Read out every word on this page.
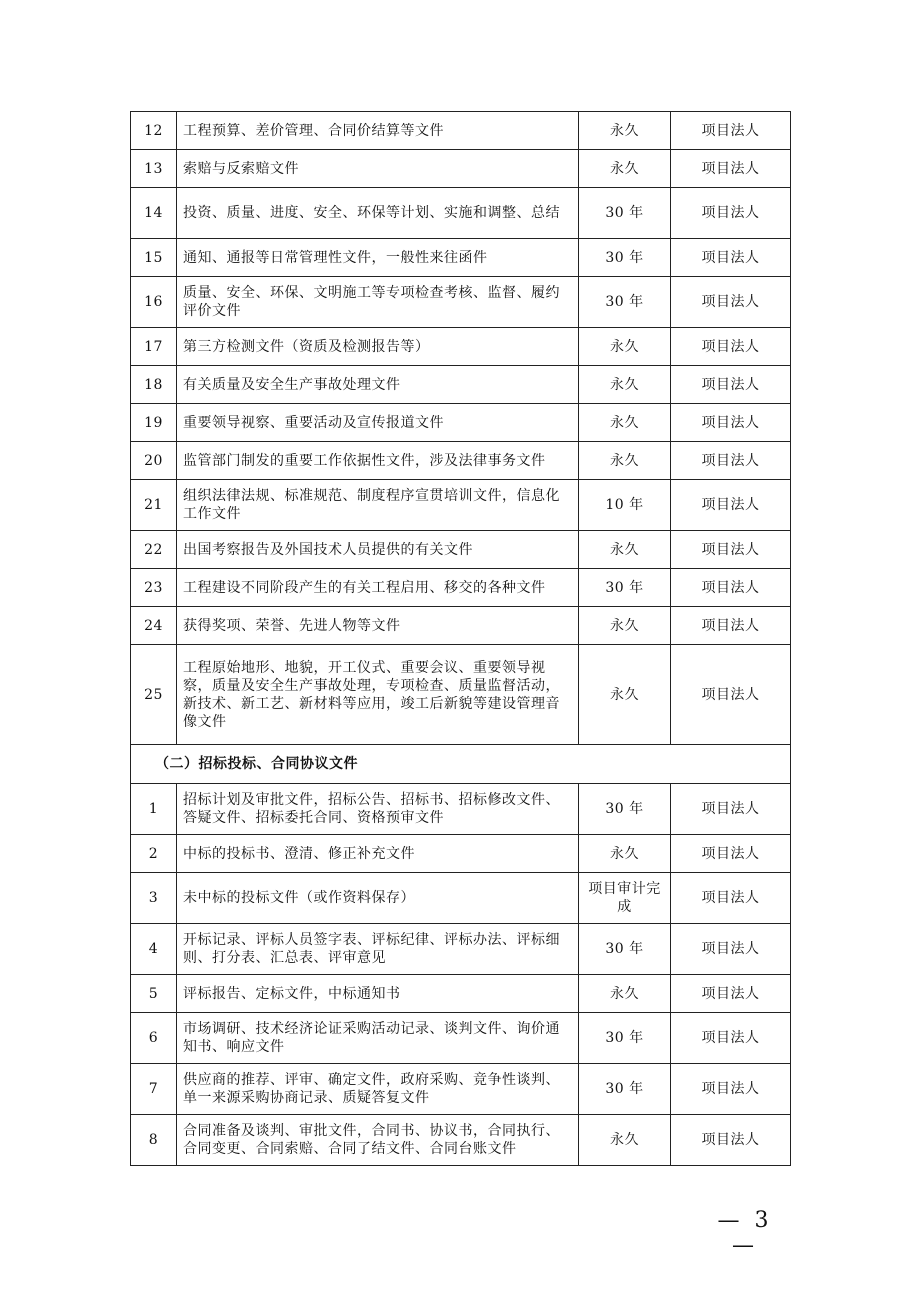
12	工程预算、差价管理、合同价结算等文件	永久	项目法人
13	索赔与反索赔文件	永久	项目法人
14	投资、质量、进度、安全、环保等计划、实施和调整、总结	30 年	项目法人
15	通知、通报等日常管理性文件，一般性来往函件	30 年	项目法人
16	质量、安全、环保、文明施工等专项检查考核、监督、履约评价文件	30 年	项目法人
17	第三方检测文件（资质及检测报告等）	永久	项目法人
18	有关质量及安全生产事故处理文件	永久	项目法人
19	重要领导视察、重要活动及宣传报道文件	永久	项目法人
20	监管部门制发的重要工作依据性文件，涉及法律事务文件	永久	项目法人
21	组织法律法规、标准规范、制度程序宣贯培训文件，信息化工作文件	10 年	项目法人
22	出国考察报告及外国技术人员提供的有关文件	永久	项目法人
23	工程建设不同阶段产生的有关工程启用、移交的各种文件	30 年	项目法人
24	获得奖项、荣誉、先进人物等文件	永久	项目法人
25	工程原始地形、地貌，开工仪式、重要会议、重要领导视察，质量及安全生产事故处理，专项检查、质量监督活动，新技术、新工艺、新材料等应用，竣工后新貌等建设管理音像文件	永久	项目法人
（二）招标投标、合同协议文件			
1	招标计划及审批文件，招标公告、招标书、招标修改文件、答疑文件、招标委托合同、资格预审文件	30 年	项目法人
2	中标的投标书、澄清、修正补充文件	永久	项目法人
3	未中标的投标文件（或作资料保存）	项目审计完成	项目法人
4	开标记录、评标人员签字表、评标纪律、评标办法、评标细则、打分表、汇总表、评审意见	30 年	项目法人
5	评标报告、定标文件，中标通知书	永久	项目法人
6	市场调研、技术经济论证采购活动记录、谈判文件、询价通知书、响应文件	30 年	项目法人
7	供应商的推荐、评审、确定文件，政府采购、竞争性谈判、单一来源采购协商记录、质疑答复文件	30 年	项目法人
8	合同准备及谈判、审批文件，合同书、协议书，合同执行、合同变更、合同索赔、合同了结文件、合同台账文件	永久	项目法人
— 3 —
